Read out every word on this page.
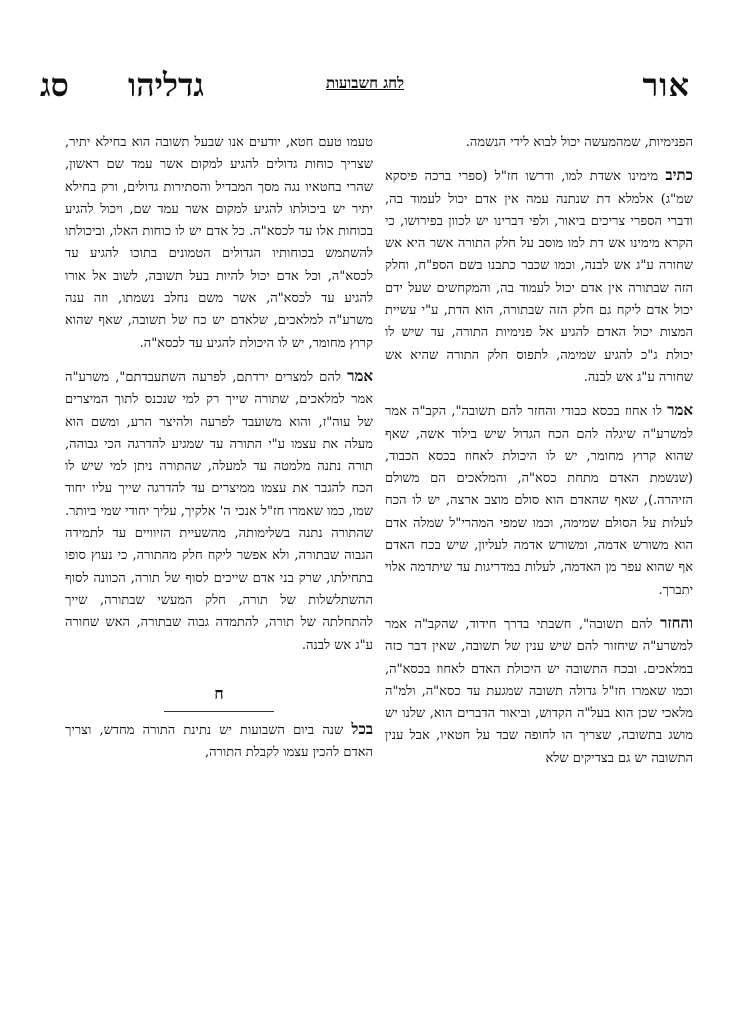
אור
לחג חשבועות
גדליהו
סג

הפנימיות, שמהמעשה יכול לבוא לידי הנשמה.

כתיב מימינו אשדת למו, ודרשו חז"ל (ספרי ברכה פיסקא שמ"ג) אלמלא דת שנתנה עמה אין אדם יכול לעמוד בה, ודברי הספרי צריכים ביאור, ולפי דברינו יש לכוון בפירושו, כי הקרא מימינו אש דת למו מוסב על חלק התורה אשר היא אש שחורה ע"ג אש לבנה, וכמו שכבר כתבנו בשם הספ"ח, וחלק הזה שבתורה אין אדם יכול לעמוד בה, והמקחשים שעל ידם יכול אדם ליקח גם חלק הזה שבתורה, הוא הדת, ע"י עשיית המצות יכול האדם להגיע אל פנימיות התורה, עד שיש לו יכולת ג"כ להגיע שמימה, לתפוס חלק התורה שהיא אש שחורה ע"ג אש לבנה.

אמר לו אחוז בכסא כבודי והחזר להם תשובה", הקב"ה אמר למשרע"ה שיגלה להם הכח הגדול שיש בילוד אשה, שאף שהוא קרוץ מחומר, יש לו היכולת לאחוז בכסא הכבוד, (שנשמת האדם מתחת כסא"ה, והמלאכים הם משולם הזיהרה.), שאף שהאדם הוא סולם מוצב ארצה, יש לו הכח לעלות על הסולם שמימה, וכמו שמפי המהרי"ל שמלה אדם הוא משורש אדמה, ומשורש אדמה לעליון, שיש בכח האדם אף שהוא עפר מן האדמה, לעלות במדריגות עד שיתדמה אלוי יתברך.

והחזר להם תשובה", חשבתי בדרך חידוד, שהקב"ה אמר למשרע"ה שיחזור להם שיש ענין של תשובה, שאין דבר כזה במלאכים. ובכח התשובה יש היכולת האדם לאחוז בכסא"ה, וכמו שאמרו חז"ל גדולה תשובה שמגעת עד כסא"ה, ולמ"ה מלאכי שכן הוא בעל"ה הקדוש, וביאור הדברים הוא, שלנו יש מושג בתשובה, שצריך הו לחופה שבד על חטאיו, אבל ענין התשובה יש גם בצדיקים שלא

טעמו טעם חטא, יודעים אנו שבעל תשובה הוא בחילא יתיר, שצריך כוחות גדולים להגיע למקום אשר עמד שם ראשון, שהרי בחטאיו נגה מסך המבדיל והסתירות גדולים, ורק בחילא יתיר יש ביכולתו להגיע למקום אשר עמד שם, ויכול להגיע בכוחות אלו עד לכסא"ה. כל אדם יש לו כוחות האלו, וביכולתו להשתמש בכוחותיו הגדולים הטמונים בתוכו להגיע עד לכסא"ה, וכל אדם יכול להיות בעל תשובה, לשוב אל אורו להגיע עד לכסא"ה, אשר משם נחלב נשמתו, וזה ענה משרע"ה למלאכים, שלאדם יש כח של תשובה, שאף שהוא קרוץ מחומר, יש לו היכולת להגיע עד לכסא"ה.

אמר להם למצרים ירדתם, לפרעה השתעבדתם", משרע"ה אמר למלאכים, שתורה שייך רק למי שנכנס לתוך המיצרים של עוה"ז, והוא משועבד לפרעה ולהיצר הרע, ומשם הוא מעלה את עצמו ע"י התורה עד שמגיע להדרגה הכי גבוהה, תורה נתנה מלמטה עד למעלה, שהתורה ניתן למי שיש לו הכח להגבר את עצמו ממיצרים עד להדרגה שייך עליו יחוד שמו, כמו שאמרו חז"ל אנכי ה' אלקיך, עליך יחודי שמי ביותר. שהתורה נתנה בשלימותה, מהשעיית הזיוויים עד לתמידה הגבוה שבתורה, ולא אפשר ליקח חלק מהתורה, כי נעוץ סופו בתחילתו, שרק בני אדם שייכים לסוף של תורה, הכוונה לסוף ההשתלשלות של תורה, חלק המעשי שבתורה, שייך להתחלתה של תורה, להתמדה גבוה שבתורה, האש שחורה ע"ג אש לבנה.

ח

בכל שנה ביום השבועות יש נתינת התורה מחדש, וצריך האדם להכין עצמו לקבלת התורה,
